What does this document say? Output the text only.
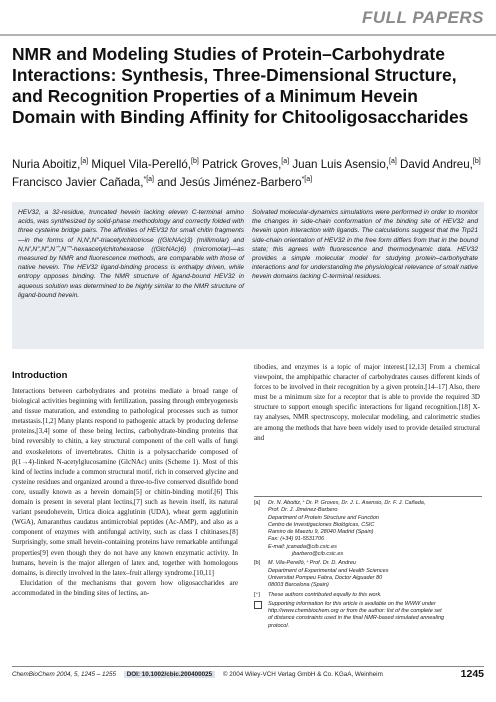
FULL PAPERS
NMR and Modeling Studies of Protein–Carbohydrate Interactions: Synthesis, Three-Dimensional Structure, and Recognition Properties of a Minimum Hevein Domain with Binding Affinity for Chitooligosaccharides
Nuria Aboitiz,[a] Miquel Vila-Perelló,[b] Patrick Groves,[a] Juan Luis Asensio,[a] David Andreu,[b] Francisco Javier Cañada,$^{*[a]}$ and Jesús Jiménez-Barbero$^{*[a]}$
HEV32, a 32-residue, truncated hevein lacking eleven C-terminal amino acids, was synthesized by solid-phase methodology and correctly folded with three cysteine bridge pairs. The affinities of HEV32 for small chitin fragments—in the forms of N,N′,N″-triacetylchitotriose ((GlcNAc)3) (millimolar) and N,N′,N″,N‴,N⁗,N⁗′-hexaacetylchitohexaose ((GlcNAc)6) (micromolar)—as measured by NMR and fluorescence methods, are comparable with those of native hevein. The HEV32 ligand-binding process is enthalpy driven, while entropy opposes binding. The NMR structure of ligand-bound HEV32 in aqueous solution was determined to be highly similar to the NMR structure of ligand-bound hevein.
Solvated molecular-dynamics simulations were performed in order to monitor the changes in side-chain conformation of the binding site of HEV32 and hevein upon interaction with ligands. The calculations suggest that the Trp21 side-chain orientation of HEV32 in the free form differs from that in the bound state; this agrees with fluorescence and thermodynamic data. HEV32 provides a simple molecular model for studying protein–carbohydrate interactions and for understanding the physiological relevance of small native hevein domains lacking C-terminal residues.
Introduction

Interactions between carbohydrates and proteins mediate a broad range of biological activities beginning with fertilization, passing through embryogenesis and tissue maturation, and extending to pathological processes such as tumor metastasis.[1,2] Many plants respond to pathogenic attack by producing defense proteins,[3,4] some of these being lectins, carbohydrate-binding proteins that bind reversibly to chitin, a key structural component of the cell walls of fungi and exoskeletons of invertebrates. Chitin is a polysaccharide composed of β(1→4)-linked N-acetylglucosamine (GlcNAc) units (Scheme 1). Most of this kind of lectins include a common structural motif, rich in conserved glycine and cysteine residues and organized around a three-to-five conserved disulfide bond core, usually known as a hevein domain[5] or chitin-binding motif.[6] This domain is present in several plant lectins,[7] such as hevein itself, its natural variant pseudohevein, Urtica dioica agglutinin (UDA), wheat germ agglutinin (WGA), Amaranthus caudatus antimicrobial peptides (Ac-AMP), and also as a component of enzymes with antifungal activity, such as class I chitinases.[8] Surprisingly, some small hevein-containing proteins have remarkable antifungal properties[9] even though they do not have any known enzymatic activity. In humans, hevein is the major allergen of latex and, together with homologous domains, is directly involved in the latex–fruit allergy syndrome.[10,11]

Elucidation of the mechanisms that govern how oligosaccharides are accommodated in the binding sites of lectins, an-

tibodies, and enzymes is a topic of major interest.[12,13] From a chemical viewpoint, the amphipathic character of carbohydrates causes different kinds of forces to be involved in their recognition by a given protein.[14–17] Also, there must be a minimum size for a receptor that is able to provide the required 3D structure to support enough specific interactions for ligand recognition.[18] X-ray analyses, NMR spectroscopy, molecular modeling, and calorimetric studies are among the methods that have been widely used to provide detailed structural and

[a] Dr. N. Aboitiz,⁺ Dr. P. Groves, Dr. J. L. Asensio, Dr. F. J. Cañada,
Prof. Dr. J. Jiménez-Barbero
Department of Protein Structure and Function
Centro de Investigaciones Biológicas, CSIC
Ramiro de Maeztu 9, 28040 Madrid (Spain)
Fax: (+34) 91-5531706
E-mail: jcanada@cib.csic.es
jbarbero@cib.csic.es
[b] M. Vila-Perelló,⁺ Prof. Dr. D. Andreu
Department of Experimental and Health Sciences
Universitat Pompeu Fabra, Doctor Aiguader 80
08003 Barcelona (Spain)
[⁺] These authors contributed equally to this work.
Supporting information for this article is available on the WWW under
http://www.chembiochem.org or from the author: list of the complete set
of distance constraints used in the final NMR-based simulated annealing
protocol.
ChemBioChem 2004, 5, 1245 – 1255 DOI: 10.1002/cbic.200400025 © 2004 Wiley-VCH Verlag GmbH & Co. KGaA, Weinheim	1245
